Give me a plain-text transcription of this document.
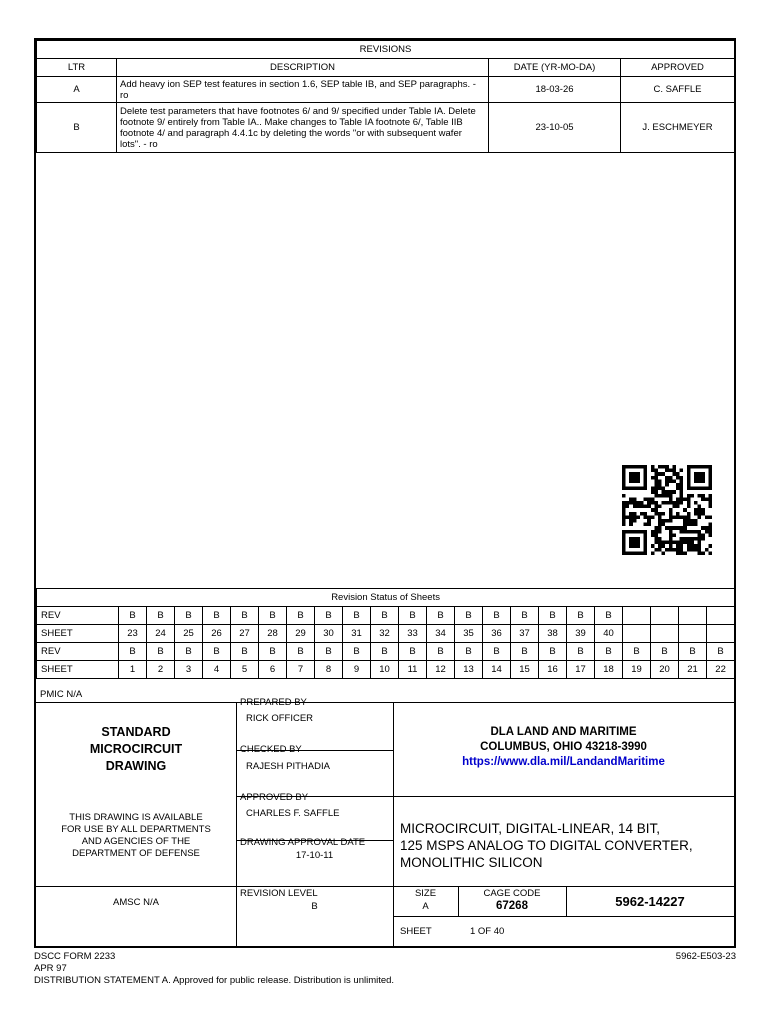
REVISIONS			
LTR	DESCRIPTION	DATE (YR-MO-DA)	APPROVED
A	Add heavy ion SEP test features in section 1.6, SEP table IB, and SEP paragraphs. - ro	18-03-26	C. SAFFLE
B	Delete test parameters that have footnotes 6/ and 9/ specified under Table IA. Delete footnote 9/ entirely from Table IA.. Make changes to Table IA footnote 6/, Table IIB footnote 4/ and paragraph 4.4.1c by deleting the words "or with subsequent wafer lots". - ro	23-10-05	J. ESCHMEYER
Revision Status of Sheets																						
REV	B	B	B	B	B	B	B	B	B	B	B	B	B	B	B	B	B	B				
SHEET	23	24	25	26	27	28	29	30	31	32	33	34	35	36	37	38	39	40				
REV	B	B	B	B	B	B	B	B	B	B	B	B	B	B	B	B	B	B	B	B	B	B
SHEET	1	2	3	4	5	6	7	8	9	10	11	12	13	14	15	16	17	18	19	20	21	22
PMIC N/A
STANDARD
MICROCIRCUIT
DRAWING
THIS DRAWING IS AVAILABLE
FOR USE BY ALL DEPARTMENTS
AND AGENCIES OF THE
DEPARTMENT OF DEFENSE
PREPARED BY
RICK OFFICER
CHECKED BY
RAJESH PITHADIA
APPROVED BY
CHARLES F. SAFFLE
DRAWING APPROVAL DATE
17-10-11
DLA LAND AND MARITIME
COLUMBUS, OHIO 43218-3990
https://www.dla.mil/LandandMaritime
MICROCIRCUIT, DIGITAL-LINEAR, 14 BIT,
125 MSPS ANALOG TO DIGITAL CONVERTER,
MONOLITHIC SILICON
AMSC N/A
REVISION LEVEL
B
SIZE
A
CAGE CODE
67268	5962-14227
SHEET	1 OF 40
DSCC FORM 2233
APR 97
5962-E503-23
DISTRIBUTION STATEMENT A. Approved for public release. Distribution is unlimited.
